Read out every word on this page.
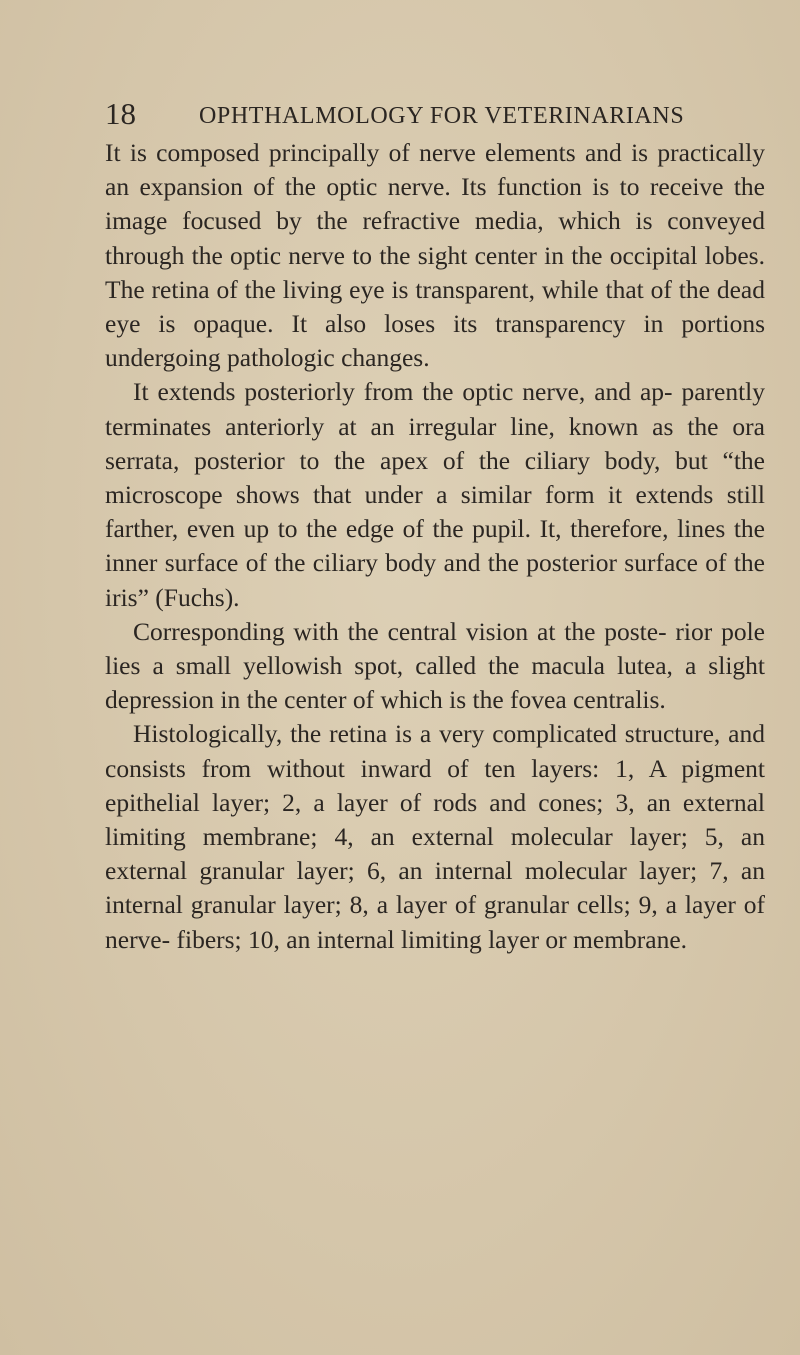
18	OPHTHALMOLOGY FOR VETERINARIANS

It is composed principally of nerve elements and is practically an expansion of the optic nerve. Its function is to receive the image focused by the refractive media, which is conveyed through the optic nerve to the sight center in the occipital lobes. The retina of the living eye is transparent, while that of the dead eye is opaque. It also loses its transparency in portions undergoing pathologic changes.

It extends posteriorly from the optic nerve, and ap- parently terminates anteriorly at an irregular line, known as the ora serrata, posterior to the apex of the ciliary body, but “the microscope shows that under a similar form it extends still farther, even up to the edge of the pupil. It, therefore, lines the inner surface of the ciliary body and the posterior surface of the iris” (Fuchs).

Corresponding with the central vision at the poste- rior pole lies a small yellowish spot, called the macula lutea, a slight depression in the center of which is the fovea centralis.

Histologically, the retina is a very complicated structure, and consists from without inward of ten layers: 1, A pigment epithelial layer; 2, a layer of rods and cones; 3, an external limiting membrane; 4, an external molecular layer; 5, an external granular layer; 6, an internal molecular layer; 7, an internal granular layer; 8, a layer of granular cells; 9, a layer of nerve- fibers; 10, an internal limiting layer or membrane.
